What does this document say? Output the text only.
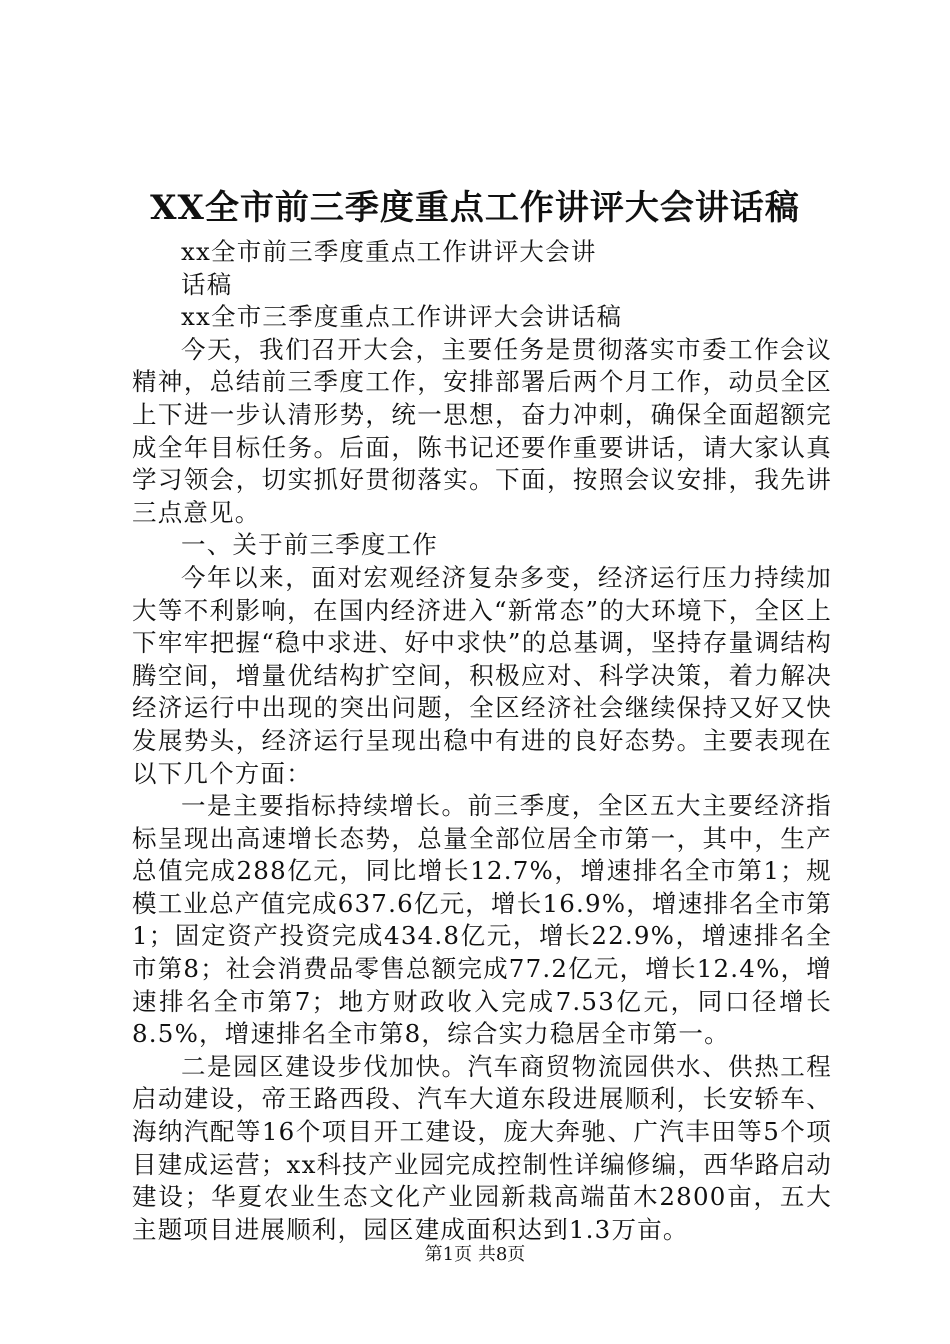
XX全市前三季度重点工作讲评大会讲话稿

xx全市前三季度重点工作讲评大会讲话稿

xx全市三季度重点工作讲评大会讲话稿

今天，我们召开大会，主要任务是贯彻落实市委工作会议精神，总结前三季度工作，安排部署后两个月工作，动员全区上下进一步认清形势，统一思想，奋力冲刺，确保全面超额完成全年目标任务。后面，陈书记还要作重要讲话，请大家认真学习领会，切实抓好贯彻落实。下面，按照会议安排，我先讲三点意见。

一、关于前三季度工作

今年以来，面对宏观经济复杂多变，经济运行压力持续加大等不利影响，在国内经济进入“新常态”的大环境下，全区上下牢牢把握“稳中求进、好中求快”的总基调，坚持存量调结构腾空间，增量优结构扩空间，积极应对、科学决策，着力解决经济运行中出现的突出问题，全区经济社会继续保持又好又快发展势头，经济运行呈现出稳中有进的良好态势。主要表现在以下几个方面：

一是主要指标持续增长。前三季度，全区五大主要经济指标呈现出高速增长态势，总量全部位居全市第一，其中，生产总值完成288亿元，同比增长12.7%，增速排名全市第1；规模工业总产值完成637.6亿元，增长16.9%，增速排名全市第1；固定资产投资完成434.8亿元，增长22.9%，增速排名全市第8；社会消费品零售总额完成77.2亿元，增长12.4%，增速排名全市第7；地方财政收入完成7.53亿元，同口径增长8.5%，增速排名全市第8，综合实力稳居全市第一。

二是园区建设步伐加快。汽车商贸物流园供水、供热工程启动建设，帝王路西段、汽车大道东段进展顺利，长安轿车、海纳汽配等16个项目开工建设，庞大奔驰、广汽丰田等5个项目建成运营；xx科技产业园完成控制性详编修编，西华路启动建设；华夏农业生态文化产业园新栽高端苗木2800亩，五大主题项目进展顺利，园区建成面积达到1.3万亩。

第1页 共8页
